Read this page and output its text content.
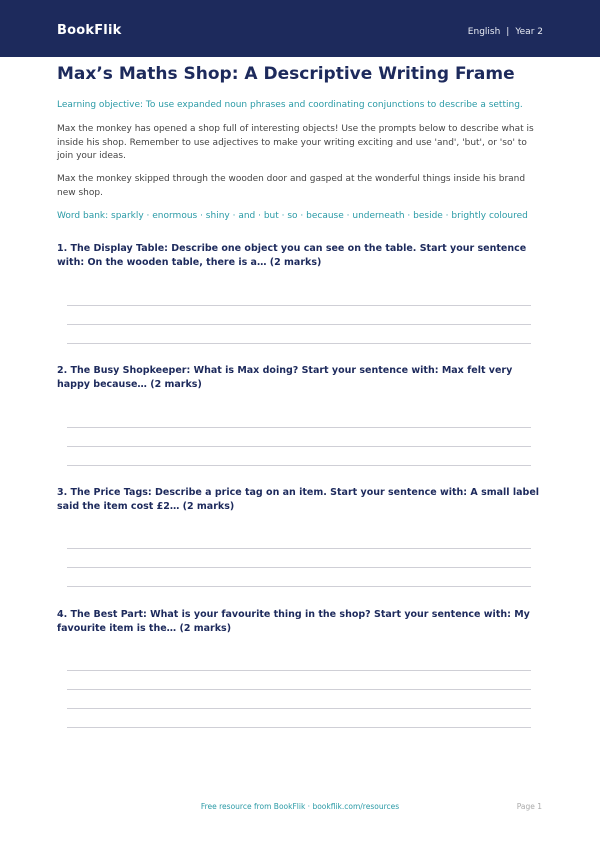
BookFlik	English | Year 2
Max’s Maths Shop: A Descriptive Writing Frame
Learning objective: To use expanded noun phrases and coordinating conjunctions to describe a setting.
Max the monkey has opened a shop full of interesting objects! Use the prompts below to describe what is inside his shop. Remember to use adjectives to make your writing exciting and use 'and', 'but', or 'so' to join your ideas.
Max the monkey skipped through the wooden door and gasped at the wonderful things inside his brand new shop.
Word bank: sparkly · enormous · shiny · and · but · so · because · underneath · beside · brightly coloured
1. The Display Table: Describe one object you can see on the table. Start your sentence with: On the wooden table, there is a… (2 marks)
2. The Busy Shopkeeper: What is Max doing? Start your sentence with: Max felt very happy because… (2 marks)
3. The Price Tags: Describe a price tag on an item. Start your sentence with: A small label said the item cost £2… (2 marks)
4. The Best Part: What is your favourite thing in the shop? Start your sentence with: My favourite item is the… (2 marks)
Free resource from BookFlik · bookflik.com/resources	Page 1
